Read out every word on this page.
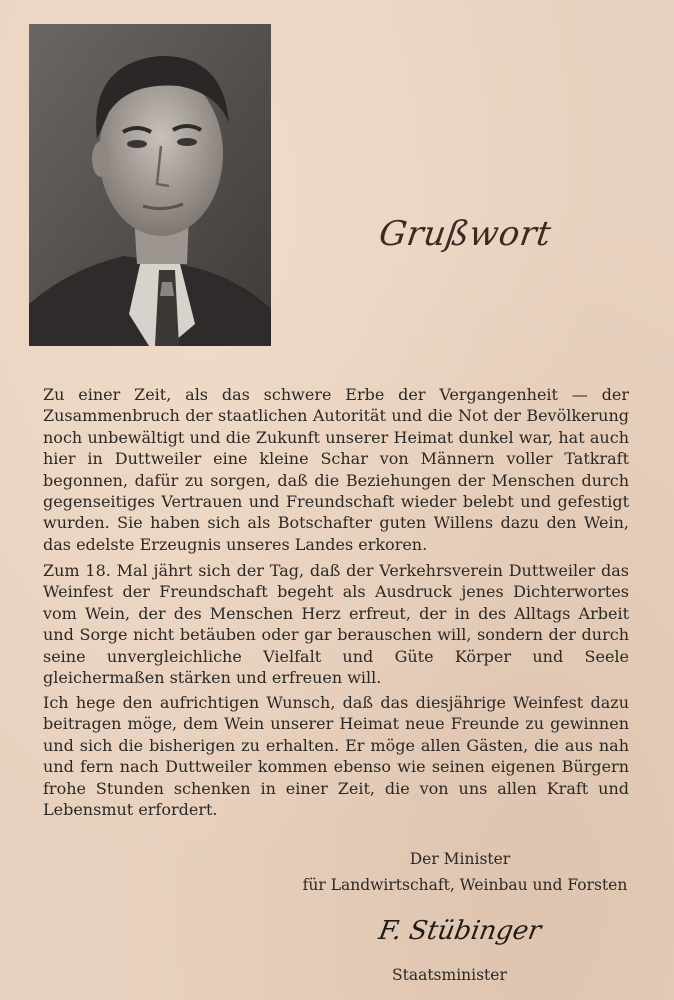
Grußwort

Zu einer Zeit, als das schwere Erbe der Vergangenheit — der Zusammenbruch der staatlichen Autorität und die Not der Bevölkerung noch unbewältigt und die Zukunft unserer Heimat dunkel war, hat auch hier in Duttweiler eine kleine Schar von Männern voller Tatkraft begonnen, dafür zu sorgen, daß die Beziehungen der Menschen durch gegenseitiges Vertrauen und Freundschaft wieder belebt und gefestigt wurden. Sie haben sich als Botschafter guten Willens dazu den Wein, das edelste Erzeugnis unseres Landes erkoren.

Zum 18. Mal jährt sich der Tag, daß der Verkehrsverein Duttweiler das Weinfest der Freundschaft begeht als Ausdruck jenes Dichterwortes vom Wein, der des Menschen Herz erfreut, der in des Alltags Arbeit und Sorge nicht betäuben oder gar berauschen will, sondern der durch seine unvergleichliche Vielfalt und Güte Körper und Seele gleichermaßen stärken und erfreuen will.

Ich hege den aufrichtigen Wunsch, daß das diesjährige Weinfest dazu beitragen möge, dem Wein unserer Heimat neue Freunde zu gewinnen und sich die bisherigen zu erhalten. Er möge allen Gästen, die aus nah und fern nach Duttweiler kommen ebenso wie seinen eigenen Bürgern frohe Stunden schenken in einer Zeit, die von uns allen Kraft und Lebensmut erfordert.

Der Minister
für Landwirtschaft, Weinbau und Forsten
F. Stübinger
Staatsminister
